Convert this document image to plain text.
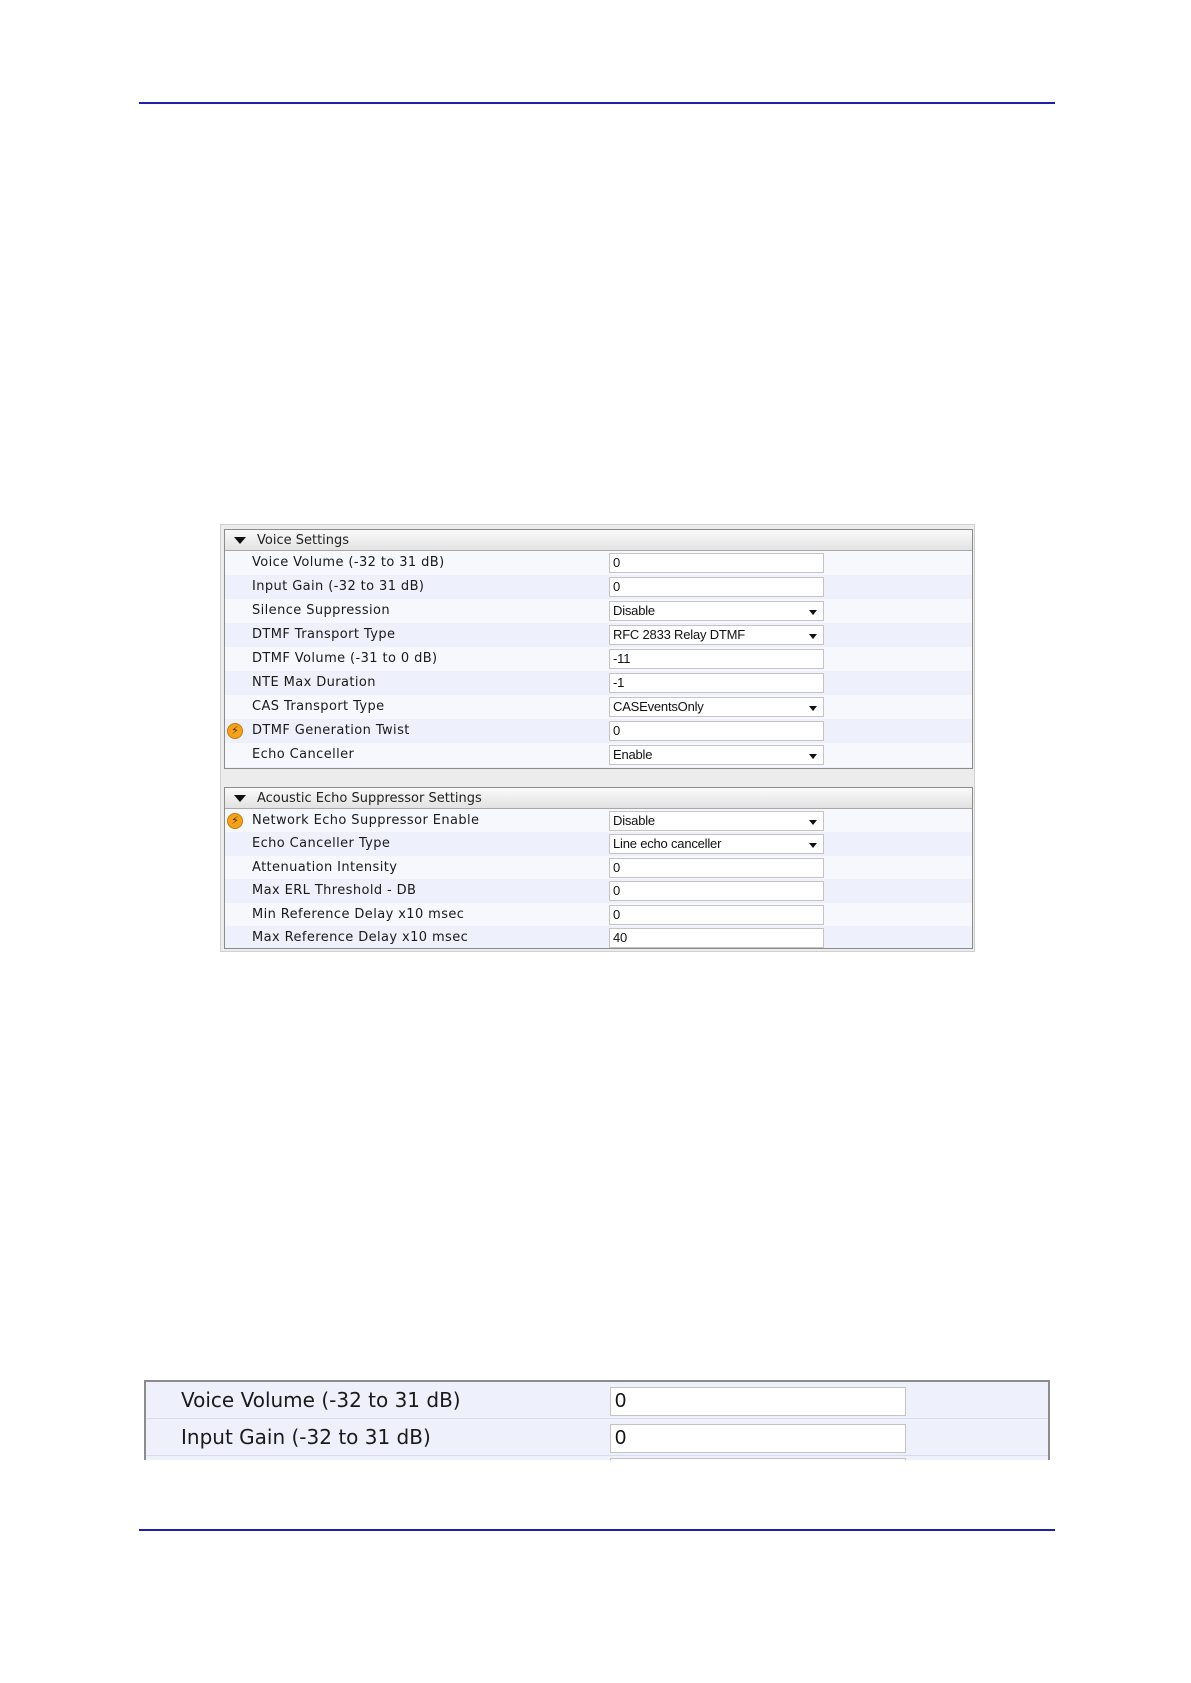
Voice Settings
Voice Volume (-32 to 31 dB)	0
Input Gain (-32 to 31 dB)	0
Silence Suppression	Disable
DTMF Transport Type	RFC 2833 Relay DTMF
DTMF Volume (-31 to 0 dB)	-11
NTE Max Duration	-1
CAS Transport Type	CASEventsOnly
⚡	DTMF Generation Twist	0
Echo Canceller	Enable
Acoustic Echo Suppressor Settings
⚡	Network Echo Suppressor Enable	Disable
Echo Canceller Type	Line echo canceller
Attenuation Intensity	0
Max ERL Threshold - DB	0
Min Reference Delay x10 msec	0
Max Reference Delay x10 msec	40
Voice Volume (-32 to 31 dB)	0
Input Gain (-32 to 31 dB)	0
